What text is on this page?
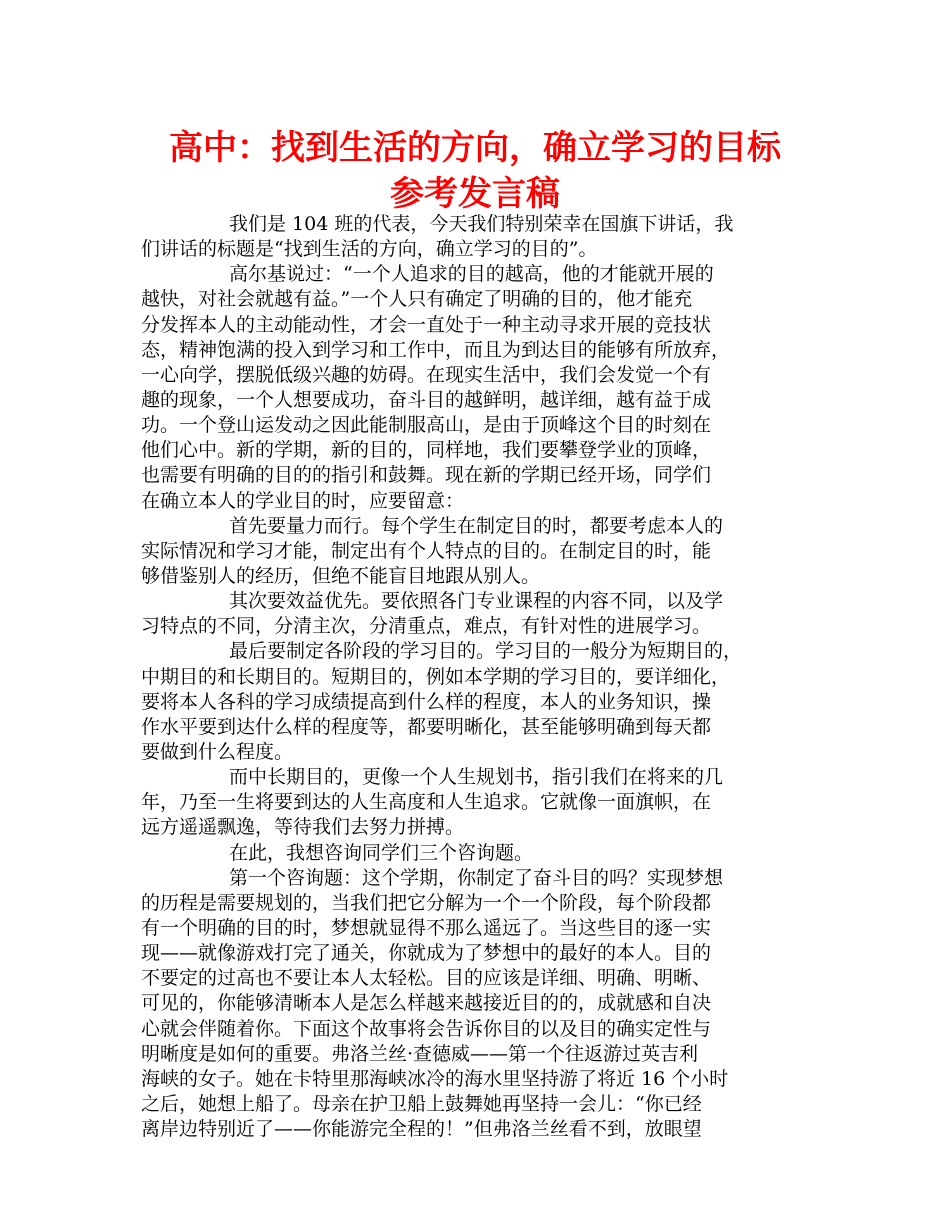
高中：找到生活的方向，确立学习的目标
参考发言稿
我们是 104 班的代表，今天我们特别荣幸在国旗下讲话，我
们讲话的标题是“找到生活的方向，确立学习的目的”。
高尔基说过：“一个人追求的目的越高，他的才能就开展的
越快，对社会就越有益。”一个人只有确定了明确的目的，他才能充
分发挥本人的主动能动性，才会一直处于一种主动寻求开展的竞技状
态，精神饱满的投入到学习和工作中，而且为到达目的能够有所放弃，
一心向学，摆脱低级兴趣的妨碍。在现实生活中，我们会发觉一个有
趣的现象，一个人想要成功，奋斗目的越鲜明，越详细，越有益于成
功。一个登山运发动之因此能制服高山，是由于顶峰这个目的时刻在
他们心中。新的学期，新的目的，同样地，我们要攀登学业的顶峰，
也需要有明确的目的的指引和鼓舞。现在新的学期已经开场，同学们
在确立本人的学业目的时，应要留意：
首先要量力而行。每个学生在制定目的时，都要考虑本人的
实际情况和学习才能，制定出有个人特点的目的。在制定目的时，能
够借鉴别人的经历，但绝不能盲目地跟从别人。
其次要效益优先。要依照各门专业课程的内容不同，以及学
习特点的不同，分清主次，分清重点，难点，有针对性的进展学习。
最后要制定各阶段的学习目的。学习目的一般分为短期目的，
中期目的和长期目的。短期目的，例如本学期的学习目的，要详细化，
要将本人各科的学习成绩提高到什么样的程度，本人的业务知识，操
作水平要到达什么样的程度等，都要明晰化，甚至能够明确到每天都
要做到什么程度。
而中长期目的，更像一个人生规划书，指引我们在将来的几
年，乃至一生将要到达的人生高度和人生追求。它就像一面旗帜，在
远方遥遥飘逸，等待我们去努力拼搏。
在此，我想咨询同学们三个咨询题。
第一个咨询题：这个学期，你制定了奋斗目的吗？实现梦想
的历程是需要规划的，当我们把它分解为一个一个阶段，每个阶段都
有一个明确的目的时，梦想就显得不那么遥远了。当这些目的逐一实
现——就像游戏打完了通关，你就成为了梦想中的最好的本人。目的
不要定的过高也不要让本人太轻松。目的应该是详细、明确、明晰、
可见的，你能够清晰本人是怎么样越来越接近目的的，成就感和自决
心就会伴随着你。下面这个故事将会告诉你目的以及目的确实定性与
明晰度是如何的重要。弗洛兰丝·查德威——第一个往返游过英吉利
海峡的女子。她在卡特里那海峡冰冷的海水里坚持游了将近 16 个小时
之后，她想上船了。母亲在护卫船上鼓舞她再坚持一会儿：“你已经
离岸边特别近了——你能游完全程的！”但弗洛兰丝看不到，放眼望
